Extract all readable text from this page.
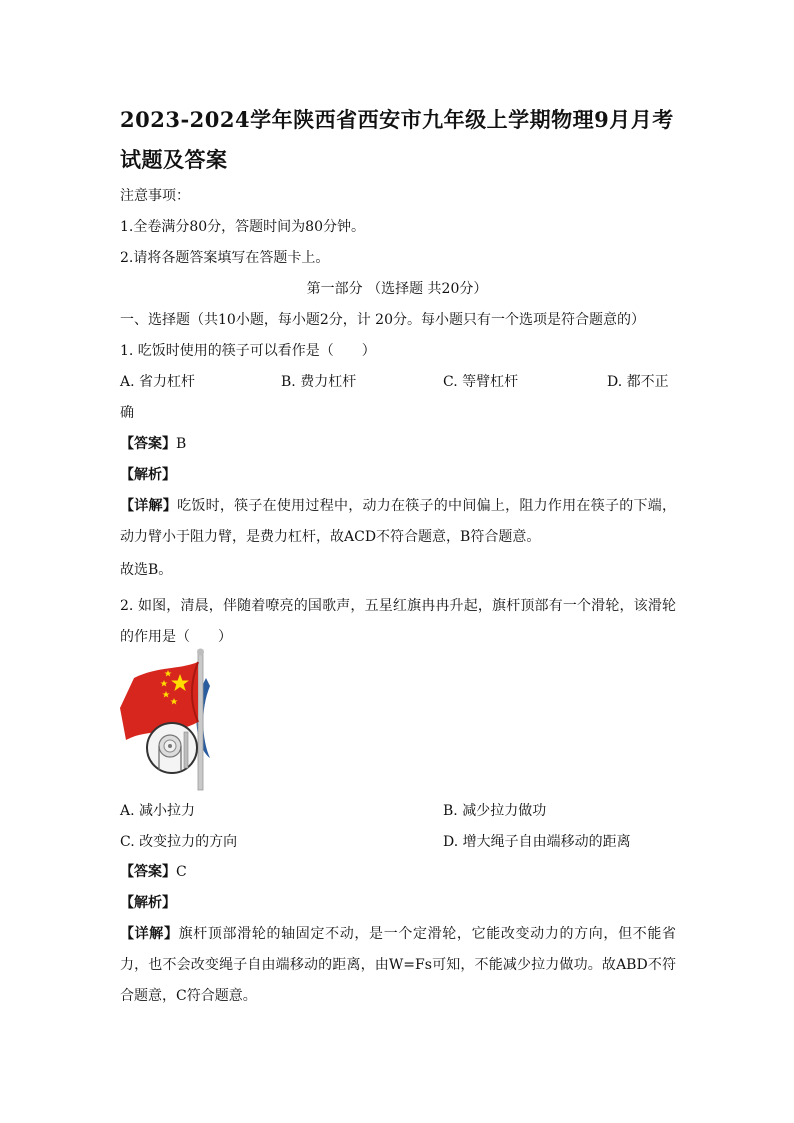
2023-2024学年陕西省西安市九年级上学期物理9月月考试题及答案
注意事项：
1.全卷满分80分，答题时间为80分钟。
2.请将各题答案填写在答题卡上。
第一部分 （选择题 共20分）
一、选择题（共10小题，每小题2分，计 20分。每小题只有一个选项是符合题意的）
1. 吃饭时使用的筷子可以看作是（　　）
A. 省力杠杆	B. 费力杠杆	C. 等臂杠杆	D. 都不正
确
【答案】B
【解析】
【详解】吃饭时，筷子在使用过程中，动力在筷子的中间偏上，阻力作用在筷子的下端，动力臂小于阻力臂，是费力杠杆，故ACD不符合题意，B符合题意。
故选B。
2. 如图，清晨，伴随着嘹亮的国歌声，五星红旗冉冉升起，旗杆顶部有一个滑轮，该滑轮的作用是（　　）
A. 减小拉力	B. 减少拉力做功
C. 改变拉力的方向	D. 增大绳子自由端移动的距离
【答案】C
【解析】
【详解】旗杆顶部滑轮的轴固定不动，是一个定滑轮，它能改变动力的方向，但不能省力，也不会改变绳子自由端移动的距离，由W=Fs可知，不能减少拉力做功。故ABD不符合题意，C符合题意。
